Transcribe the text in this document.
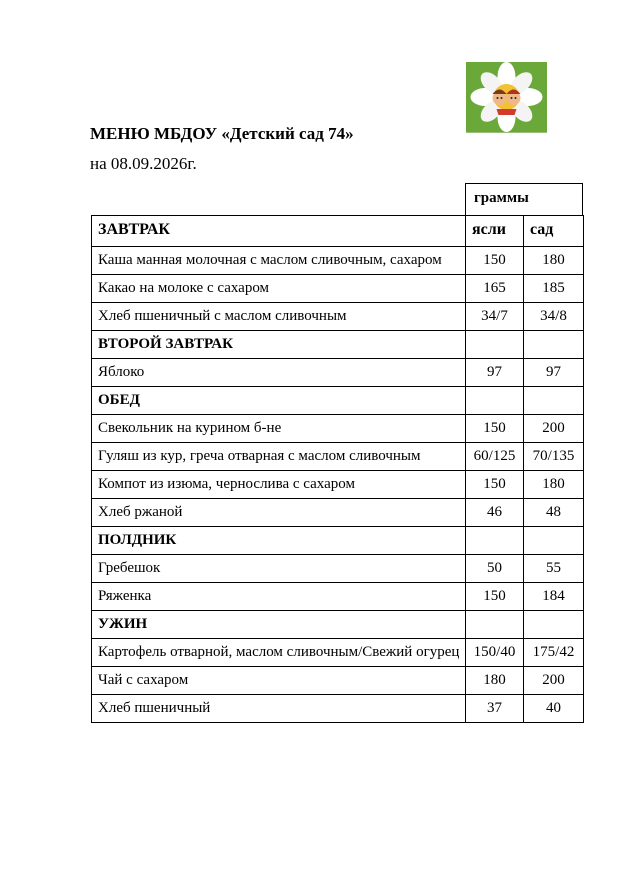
МЕНЮ МБДОУ «Детский сад 74»
на 08.09.2026г.
граммы
ЗАВТРАК	ясли	сад
Каша манная молочная с маслом сливочным, сахаром	150	180
Какао на молоке с сахаром	165	185
Хлеб пшеничный с маслом сливочным	34/7	34/8
ВТОРОЙ ЗАВТРАК		
Яблоко	97	97
ОБЕД		
Свекольник на курином б-не	150	200
Гуляш из кур, греча отварная с маслом сливочным	60/125	70/135
Компот из изюма, чернослива с сахаром	150	180
Хлеб ржаной	46	48
ПОЛДНИК		
Гребешок	50	55
Ряженка	150	184
УЖИН		
Картофель отварной, маслом сливочным/Свежий огурец	150/40	175/42
Чай с сахаром	180	200
Хлеб пшеничный	37	40
